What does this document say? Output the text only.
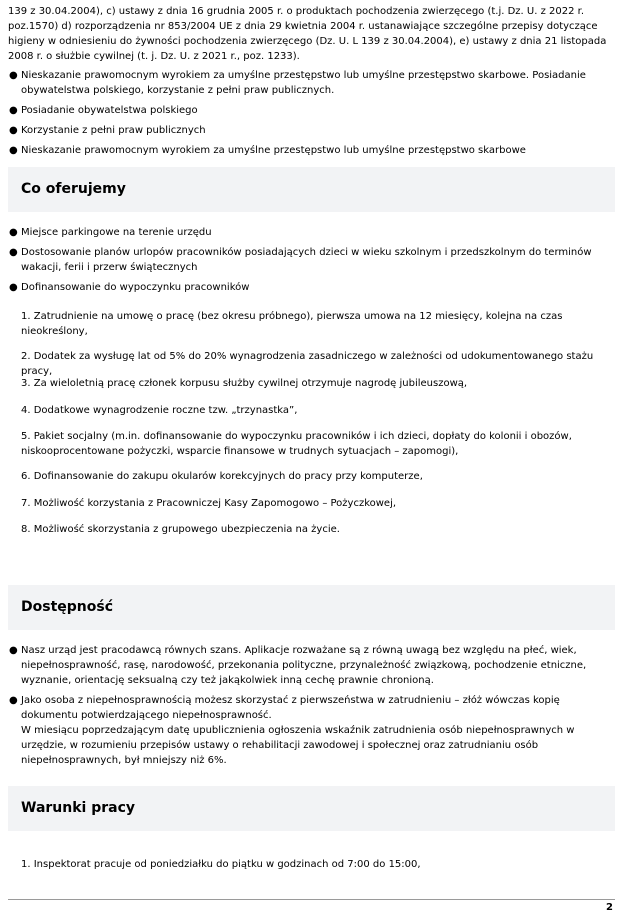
139 z 30.04.2004), c) ustawy z dnia 16 grudnia 2005 r. o produktach pochodzenia zwierzęcego (t.j. Dz. U. z 2022 r. poz.1570) d) rozporządzenia nr 853/2004 UE z dnia 29 kwietnia 2004 r. ustanawiające szczególne przepisy dotyczące higieny w odniesieniu do żywności pochodzenia zwierzęcego (Dz. U. L 139 z 30.04.2004), e) ustawy z dnia 21 listopada 2008 r. o służbie cywilnej (t. j. Dz. U. z 2021 r., poz. 1233).

● Nieskazanie prawomocnym wyrokiem za umyślne przestępstwo lub umyślne przestępstwo skarbowe. Posiadanie obywatelstwa polskiego, korzystanie z pełni praw publicznych.
● Posiadanie obywatelstwa polskiego
● Korzystanie z pełni praw publicznych
● Nieskazanie prawomocnym wyrokiem za umyślne przestępstwo lub umyślne przestępstwo skarbowe
Co oferujemy
● Miejsce parkingowe na terenie urzędu
● Dostosowanie planów urlopów pracowników posiadających dzieci w wieku szkolnym i przedszkolnym do terminów wakacji, ferii i przerw świątecznych
● Dofinansowanie do wypoczynku pracowników

1. Zatrudnienie na umowę o pracę (bez okresu próbnego), pierwsza umowa na 12 miesięcy, kolejna na czas nieokreślony,

2. Dodatek za wysługę lat od 5% do 20% wynagrodzenia zasadniczego w zależności od udokumentowanego stażu pracy,

3. Za wieloletnią pracę członek korpusu służby cywilnej otrzymuje nagrodę jubileuszową,

4. Dodatkowe wynagrodzenie roczne tzw. „trzynastka”,

5. Pakiet socjalny (m.in. dofinansowanie do wypoczynku pracowników i ich dzieci, dopłaty do kolonii i obozów, niskooprocentowane pożyczki, wsparcie finansowe w trudnych sytuacjach – zapomogi),

6. Dofinansowanie do zakupu okularów korekcyjnych do pracy przy komputerze,

7. Możliwość korzystania z Pracowniczej Kasy Zapomogowo – Pożyczkowej,

8. Możliwość skorzystania z grupowego ubezpieczenia na życie.

Dostępność
● Nasz urząd jest pracodawcą równych szans. Aplikacje rozważane są z równą uwagą bez względu na płeć, wiek, niepełnosprawność, rasę, narodowość, przekonania polityczne, przynależność związkową, pochodzenie etniczne, wyznanie, orientację seksualną czy też jakąkolwiek inną cechę prawnie chronioną.
● Jako osoba z niepełnosprawnością możesz skorzystać z pierwszeństwa w zatrudnieniu – złóż wówczas kopię dokumentu potwierdzającego niepełnosprawność.
W miesiącu poprzedzającym datę upublicznienia ogłoszenia wskaźnik zatrudnienia osób niepełnosprawnych w urzędzie, w rozumieniu przepisów ustawy o rehabilitacji zawodowej i społecznej oraz zatrudnianiu osób niepełnosprawnych, był mniejszy niż 6%.
Warunki pracy

1. Inspektorat pracuje od poniedziałku do piątku w godzinach od 7:00 do 15:00,

2
